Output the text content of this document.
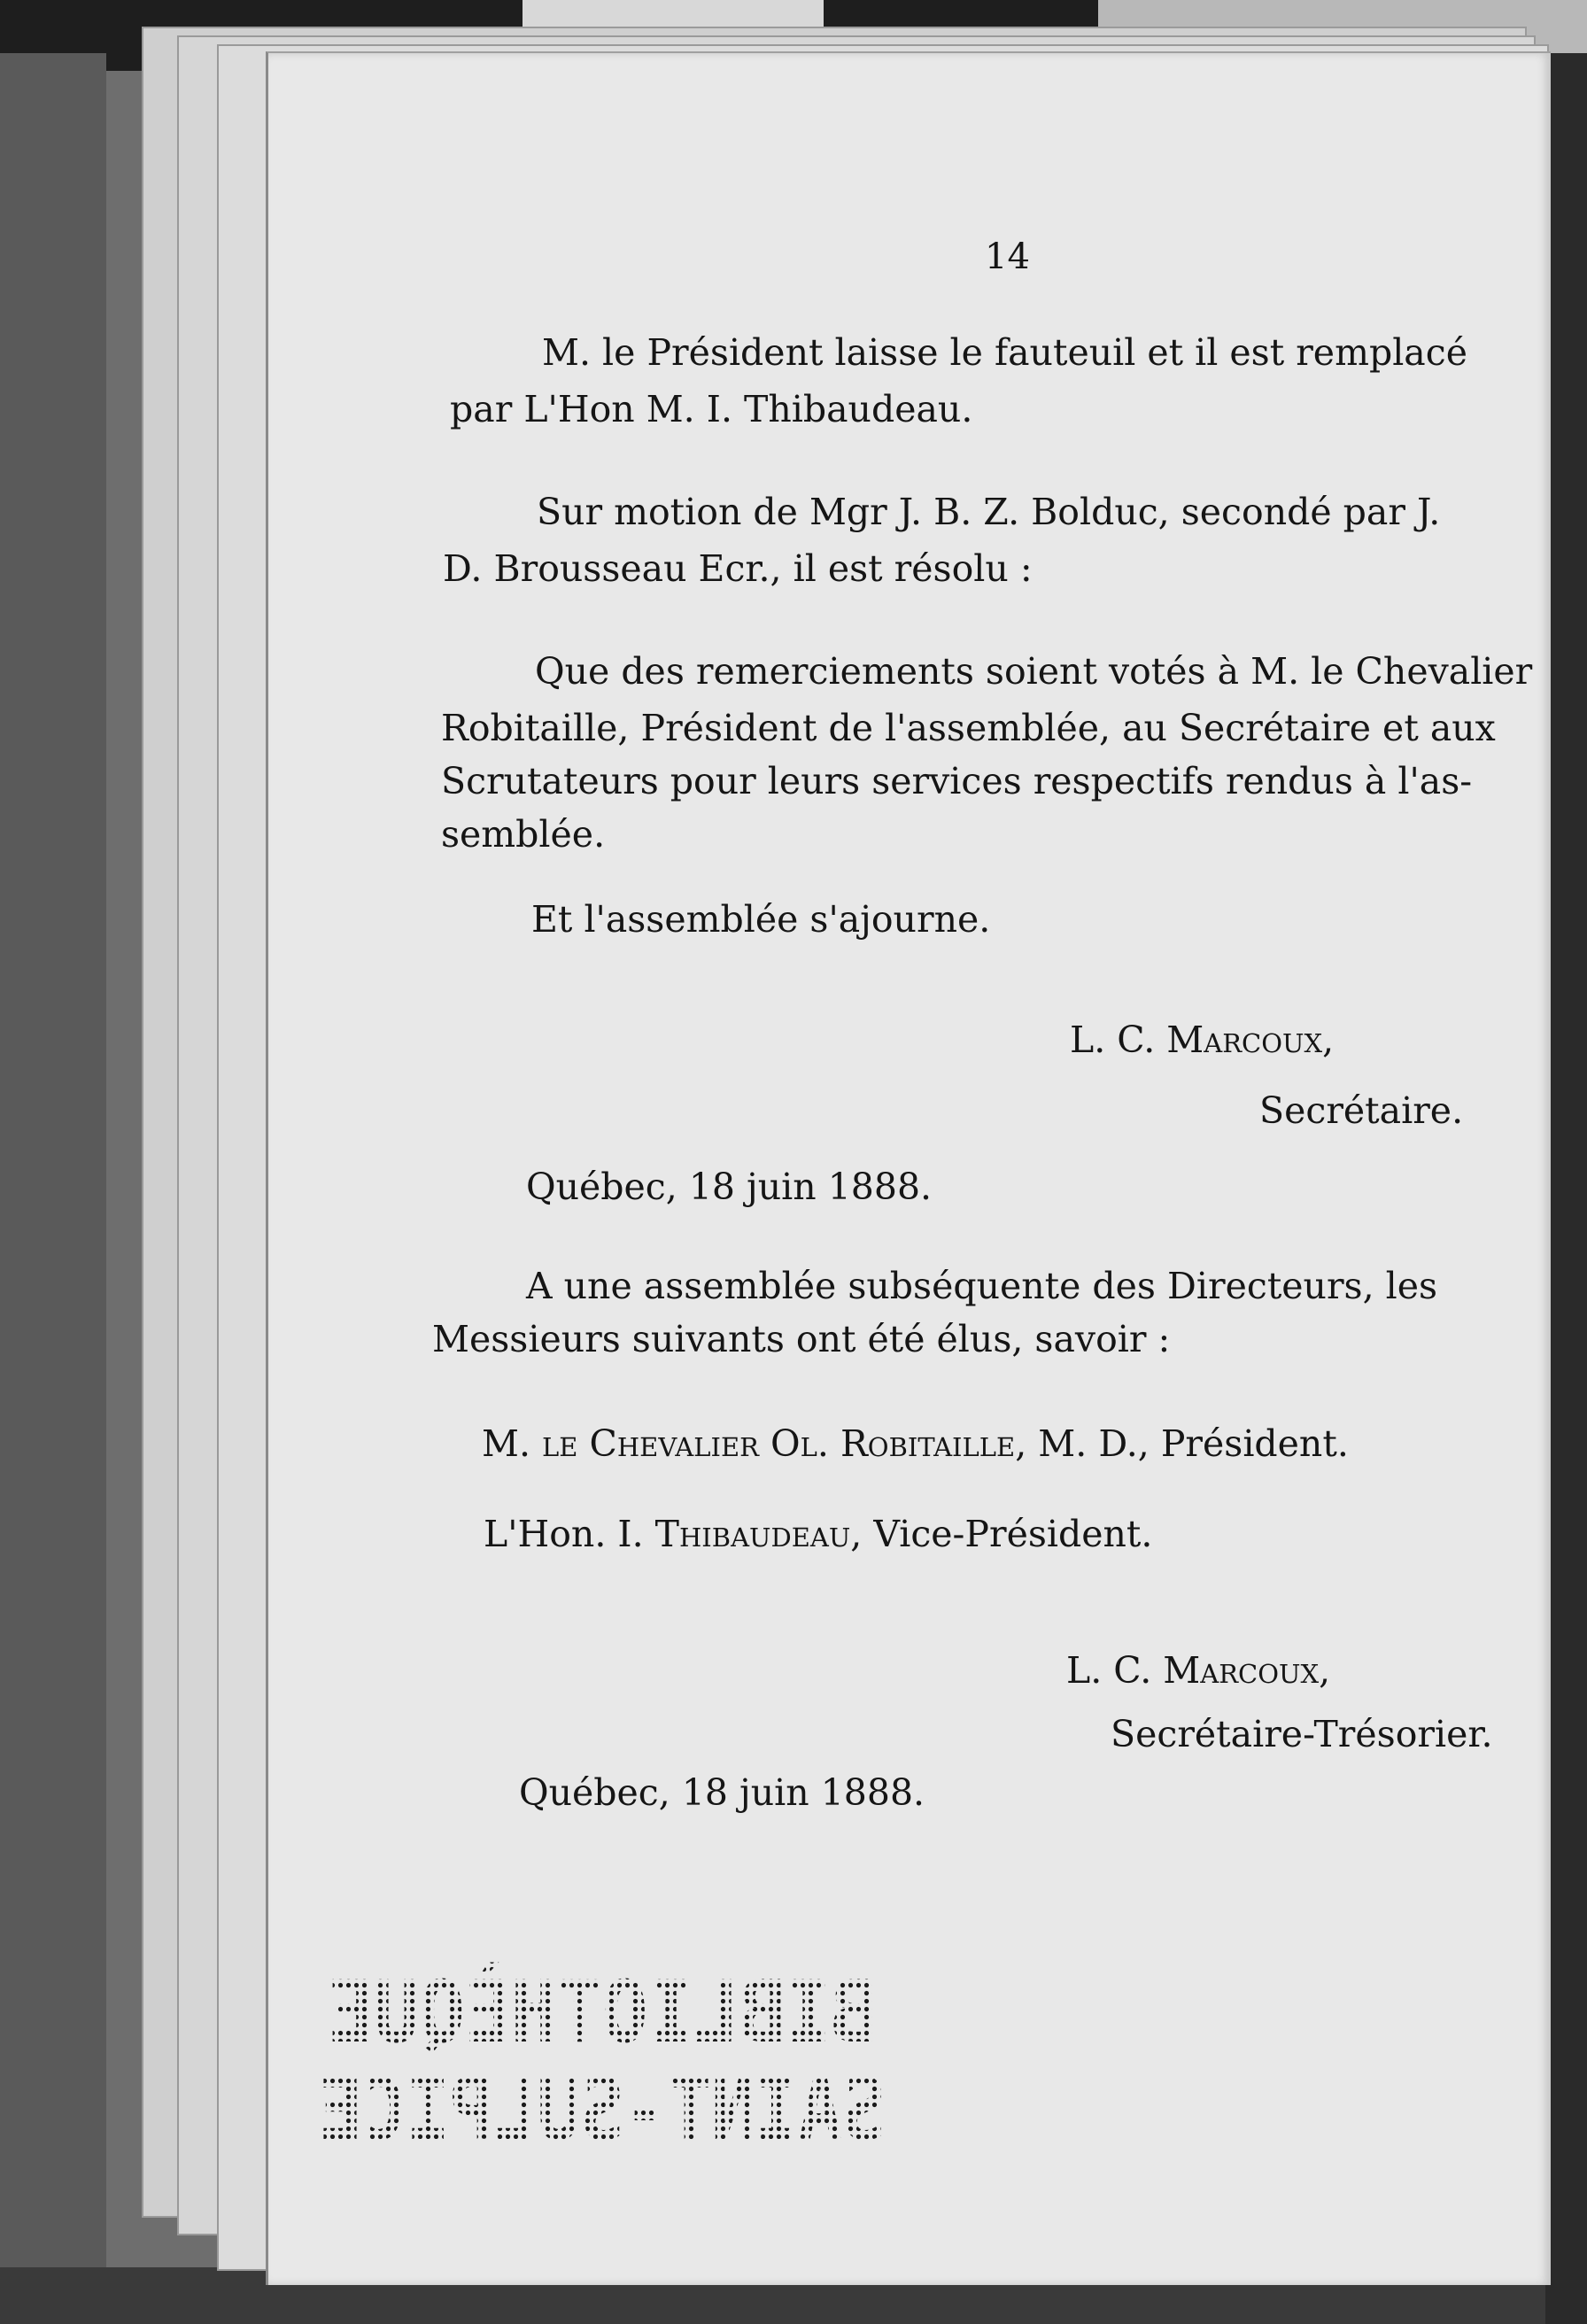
14
M. le Président laisse le fauteuil et il est remplacé
par L'Hon M. I. Thibaudeau.
Sur motion de Mgr J. B. Z. Bolduc, secondé par J.
D. Brousseau Ecr., il est résolu :
Que des remerciements soient votés à M. le Chevalier
Robitaille, Président de l'assemblée, au Secrétaire et aux
Scrutateurs pour leurs services respectifs rendus à l'as-
semblée.
Et l'assemblée s'ajourne.
L. C. Marcoux,
Secrétaire.
Québec, 18 juin 1888.
A une assemblée subséquente des Directeurs, les
Messieurs suivants ont été élus, savoir :
M. le Chevalier Ol. Robitaille, M. D., Président.
L'Hon. I. Thibaudeau, Vice-Président.
L. C. Marcoux,
Secrétaire-Trésorier.
Québec, 18 juin 1888.
BIBLIOTHÈQUE
SAINT-SULPICE
